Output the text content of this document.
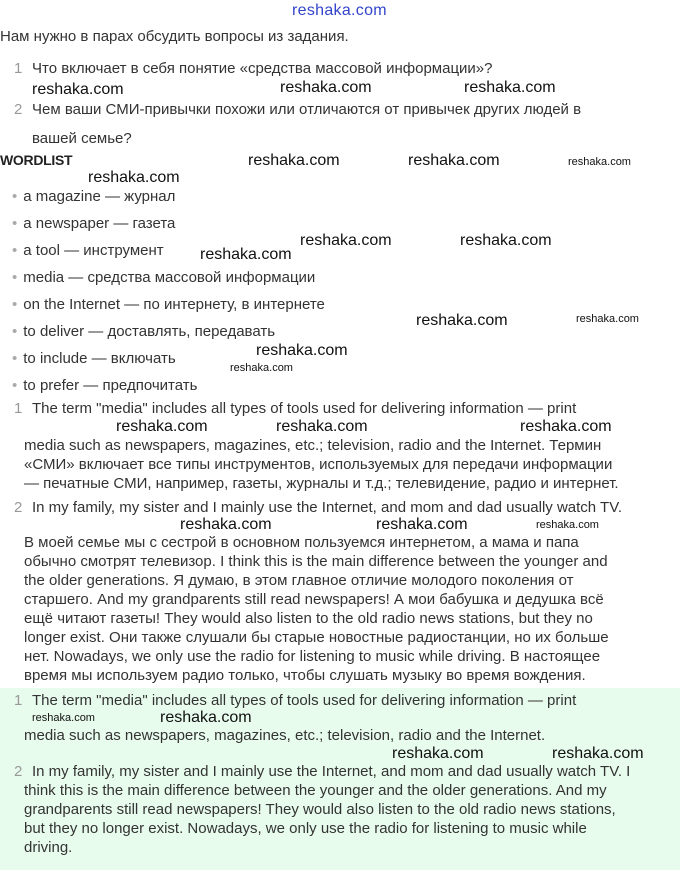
reshaka.com
Нам нужно в парах обсудить вопросы из задания.
1 Что включает в себя понятие «средства массовой информации»?
2 Чем ваши СМИ-привычки похожи или отличаются от привычек других людей в
вашей семье?
WORDLIST
• a magazine — журнал
• a newspaper — газета
• a tool — инструмент
• media — средства массовой информации
• on the Internet — по интернету, в интернете
• to deliver — доставлять, передавать
• to include — включать
• to prefer — предпочитать
1 The term "media" includes all types of tools used for delivering information — print
media such as newspapers, magazines, etc.; television, radio and the Internet. Термин
«СМИ» включает все типы инструментов, используемых для передачи информации
— печатные СМИ, например, газеты, журналы и т.д.; телевидение, радио и интернет.
2 In my family, my sister and I mainly use the Internet, and mom and dad usually watch TV.
В моей семье мы с сестрой в основном пользуемся интернетом, а мама и папа
обычно смотрят телевизор. I think this is the main difference between the younger and
the older generations. Я думаю, в этом главное отличие молодого поколения от
старшего. And my grandparents still read newspapers! А мои бабушка и дедушка всё
ещё читают газеты! They would also listen to the old radio news stations, but they no
longer exist. Они также слушали бы старые новостные радиостанции, но их больше
нет. Nowadays, we only use the radio for listening to music while driving. В настоящее
время мы используем радио только, чтобы слушать музыку во время вождения.
1 The term "media" includes all types of tools used for delivering information — print
media such as newspapers, magazines, etc.; television, radio and the Internet.
2 In my family, my sister and I mainly use the Internet, and mom and dad usually watch TV. I
think this is the main difference between the younger and the older generations. And my
grandparents still read newspapers! They would also listen to the old radio news stations,
but they no longer exist. Nowadays, we only use the radio for listening to music while
driving.
reshaka.com	reshaka.com
reshaka.com
reshaka.com	reshaka.com	reshaka.com
reshaka.com
reshaka.com	reshaka.com
reshaka.com
reshaka.com	reshaka.com
reshaka.com
reshaka.com
reshaka.com	reshaka.com	reshaka.com
reshaka.com	reshaka.com	reshaka.com
reshaka.com	reshaka.com
reshaka.com	reshaka.com
